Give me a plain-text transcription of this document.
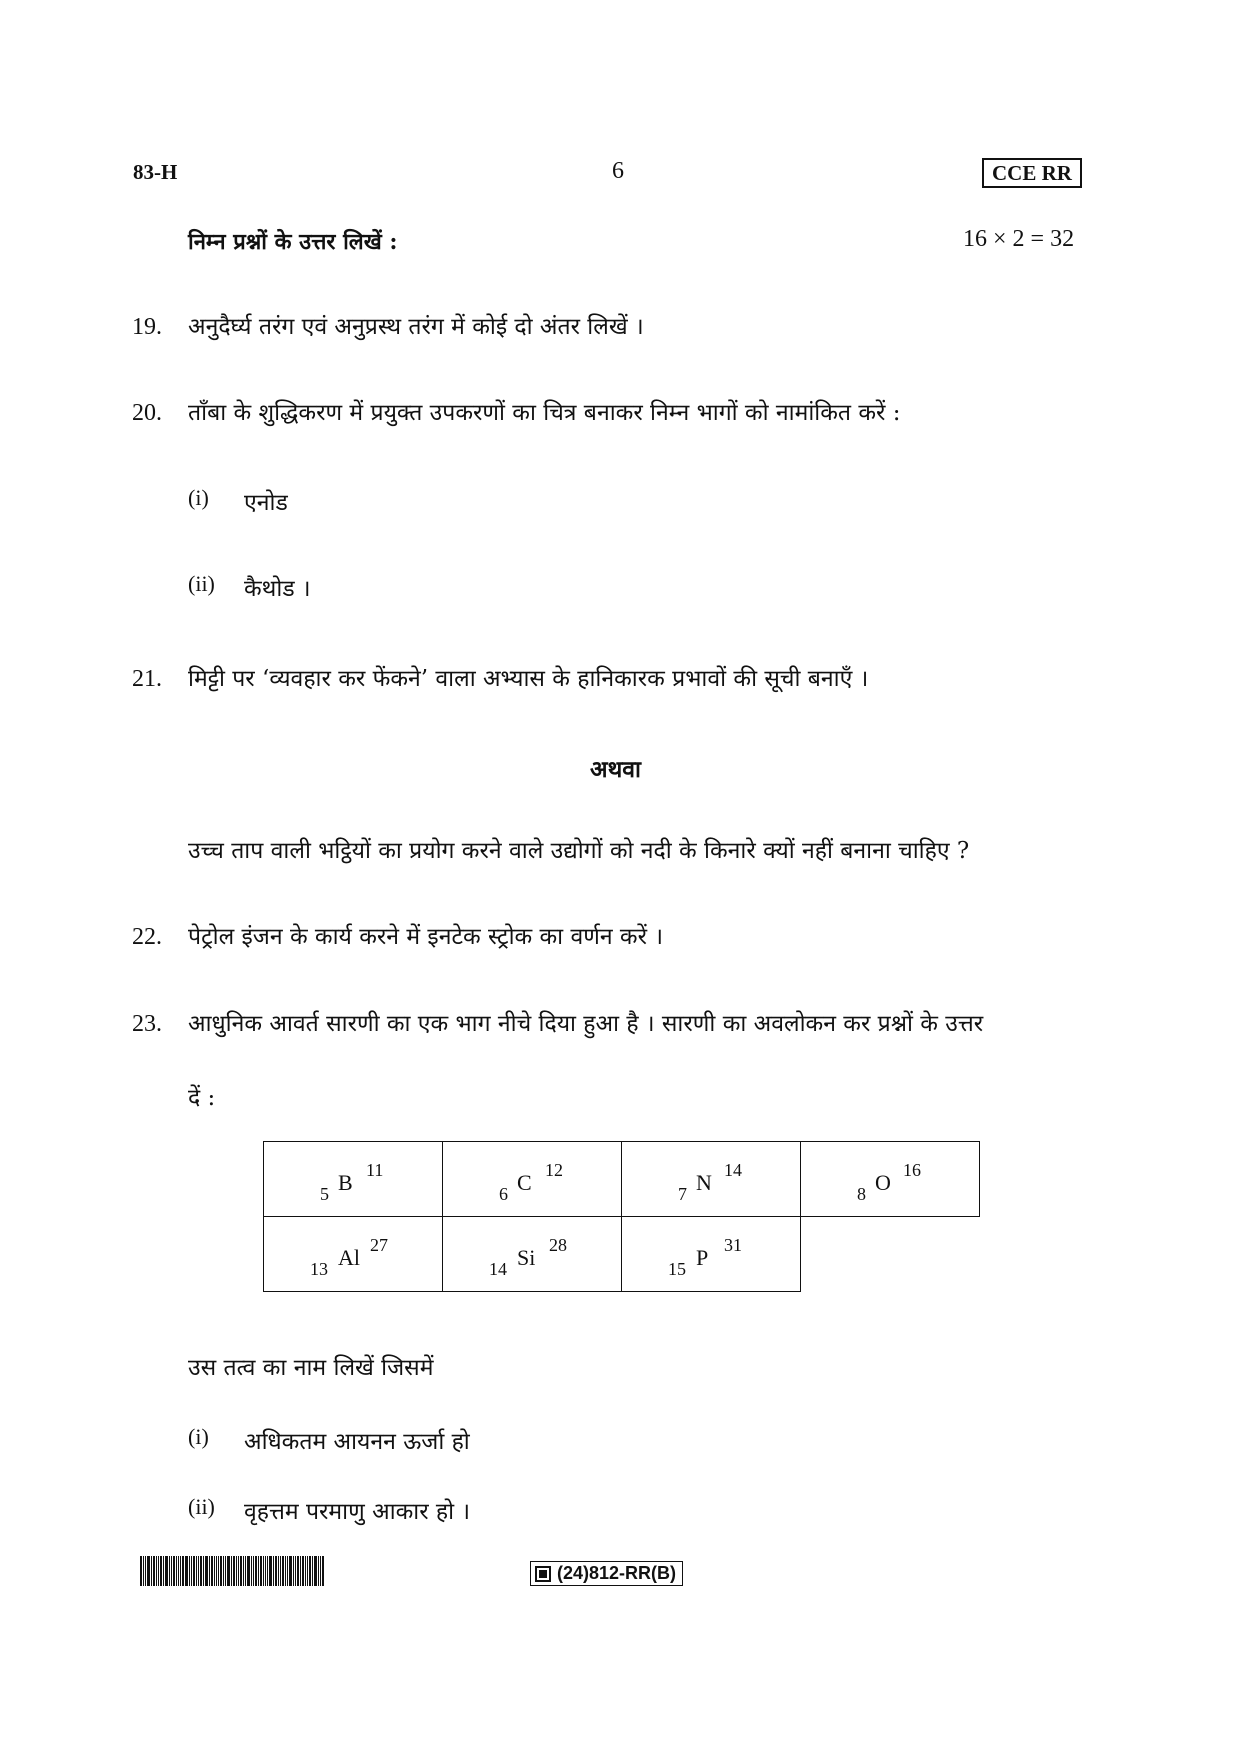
83-H	6	CCE RR
निम्न प्रश्नों के उत्तर लिखें :	16 × 2 = 32
19. अनुदैर्घ्य तरंग एवं अनुप्रस्थ तरंग में कोई दो अंतर लिखें ।
20. ताँबा के शुद्धिकरण में प्रयुक्त उपकरणों का चित्र बनाकर निम्न भागों को नामांकित करें :
(i) एनोड
(ii) कैथोड ।
21. मिट्टी पर ‘व्यवहार कर फेंकने’ वाला अभ्यास के हानिकारक प्रभावों की सूची बनाएँ ।
अथवा
उच्च ताप वाली भट्ठियों का प्रयोग करने वाले उद्योगों को नदी के किनारे क्यों नहीं बनाना चाहिए ?
22. पेट्रोल इंजन के कार्य करने में इनटेक स्ट्रोक का वर्णन करें ।
23. आधुनिक आवर्त सारणी का एक भाग नीचे दिया हुआ है । सारणी का अवलोकन कर प्रश्नों के उत्तर
दें :
5 B 11	6 C 12	7 N 14	8 O 16

13 Al 27	14 Si 28	15 P 31	

उस तत्व का नाम लिखें जिसमें
(i) अधिकतम आयनन ऊर्जा हो
(ii) वृहत्तम परमाणु आकार हो ।
(24)812-RR(B)
